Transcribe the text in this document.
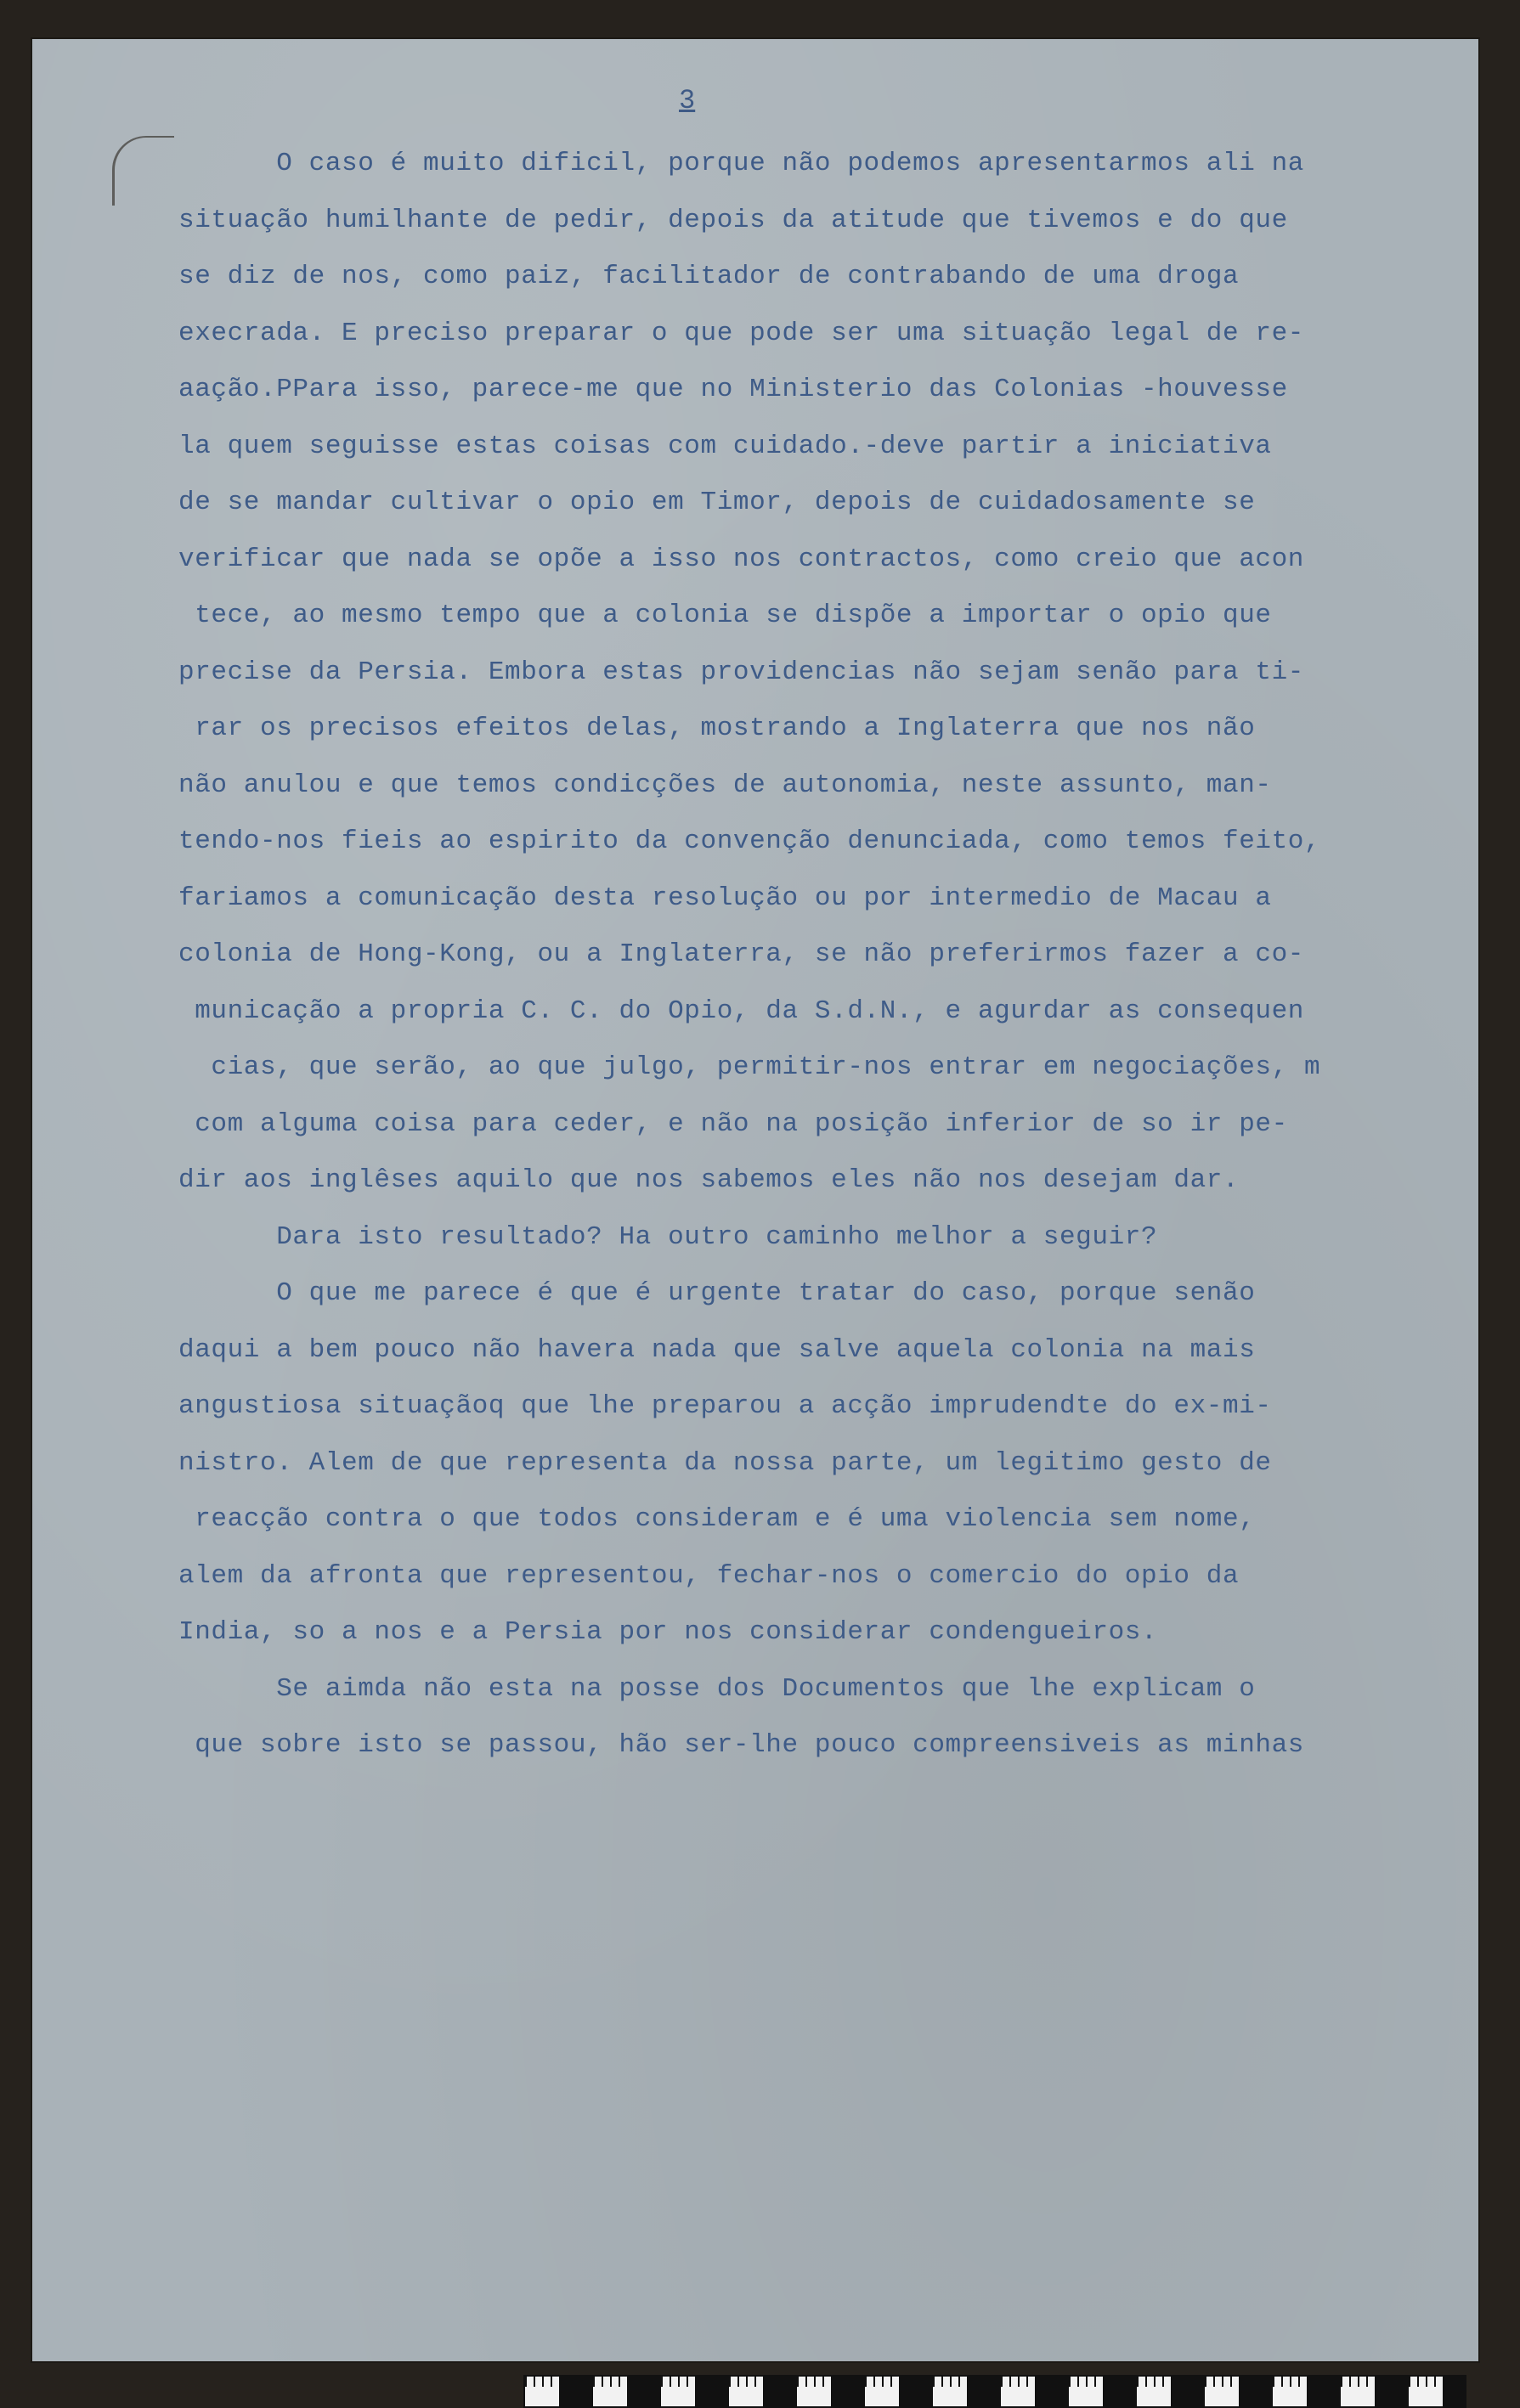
3
O caso é muito dificil, porque não podemos apresentarmos ali na
situação humilhante de pedir, depois da atitude que tivemos e do que
se diz de nos, como paiz, facilitador de contrabando de uma droga
execrada. E preciso preparar o que pode ser uma situação legal de re-
aação.PPara isso, parece-me que no Ministerio das Colonias -houvesse
la quem seguisse estas coisas com cuidado.-deve partir a iniciativa
de se mandar cultivar o opio em Timor, depois de cuidadosamente se
verificar que nada se opõe a isso nos contractos, como creio que acon
tece, ao mesmo tempo que a colonia se dispõe a importar o opio que
precise da Persia. Embora estas providencias não sejam senão para ti-
rar os precisos efeitos delas, mostrando a Inglaterra que nos não
não anulou e que temos condicções de autonomia, neste assunto, man-
tendo-nos fieis ao espirito da convenção denunciada, como temos feito,
fariamos a comunicação desta resolução ou por intermedio de Macau a
colonia de Hong-Kong, ou a Inglaterra, se não preferirmos fazer a co-
municação a propria C. C. do Opio, da S.d.N., e agurdar as consequen
cias, que serão, ao que julgo, permitir-nos entrar em negociações, m
com alguma coisa para ceder, e não na posição inferior de so ir pe-
dir aos inglêses aquilo que nos sabemos eles não nos desejam dar.
Dara isto resultado? Ha outro caminho melhor a seguir?
O que me parece é que é urgente tratar do caso, porque senão
daqui a bem pouco não havera nada que salve aquela colonia na mais
angustiosa situaçãoq que lhe preparou a acção imprudendte do ex-mi-
nistro. Alem de que representa da nossa parte, um legitimo gesto de
reacção contra o que todos consideram e é uma violencia sem nome,
alem da afronta que representou, fechar-nos o comercio do opio da
India, so a nos e a Persia por nos considerar condengueiros.
Se aimda não esta na posse dos Documentos que lhe explicam o
que sobre isto se passou, hão ser-lhe pouco compreensiveis as minhas
